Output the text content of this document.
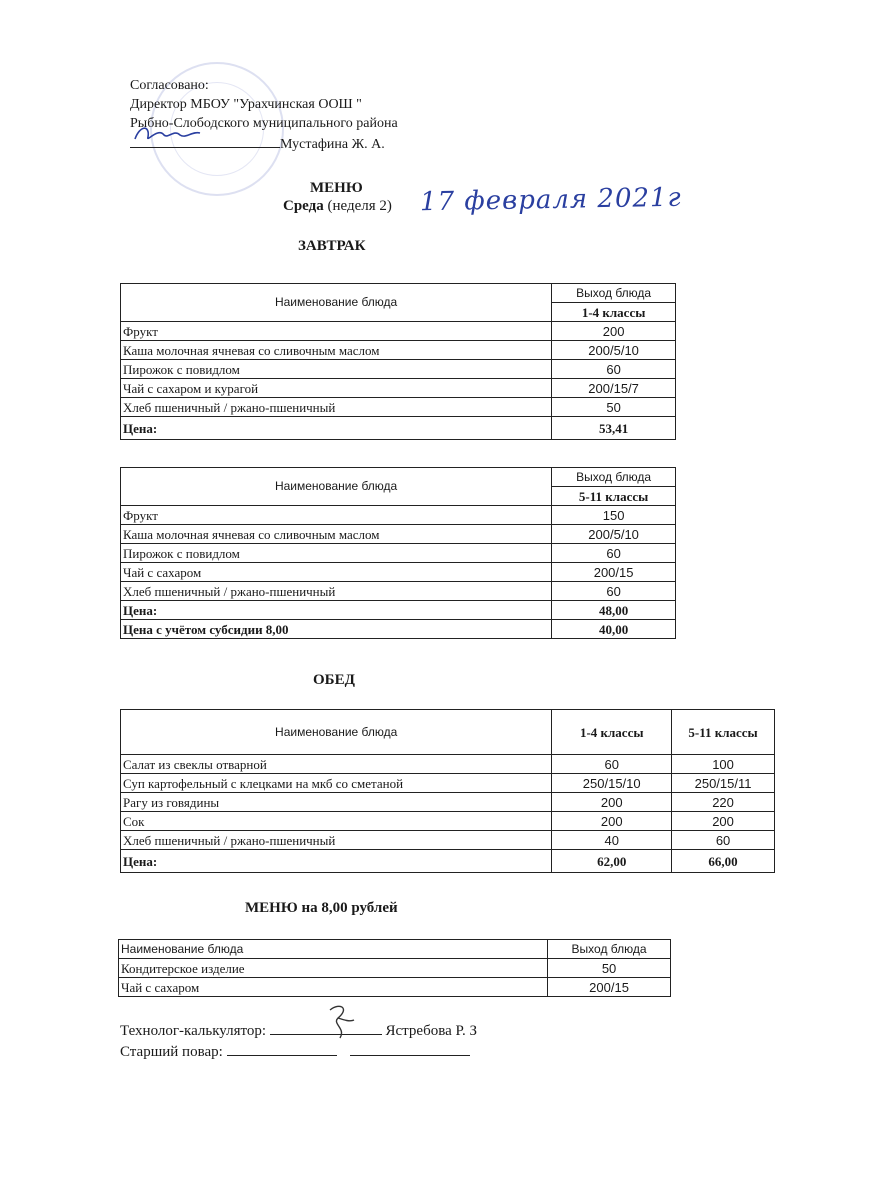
Согласовано:
Директор МБОУ "Урахчинская ООШ "
Рыбно-Слободского муниципального района
Мустафина Ж. А.
МЕНЮ
Среда (неделя 2) 17 февраля 2021г
ЗАВТРАК
Наименование блюда	Выход блюда
	1-4 классы
Фрукт	200
Каша молочная ячневая со сливочным маслом	200/5/10
Пирожок с повидлом	60
Чай с сахаром и курагой	200/15/7
Хлеб пшеничный / ржано-пшеничный	50
Цена:	53,41
Наименование блюда	Выход блюда
	5-11 классы
Фрукт	150
Каша молочная ячневая со сливочным маслом	200/5/10
Пирожок с повидлом	60
Чай с сахаром	200/15
Хлеб пшеничный / ржано-пшеничный	60
Цена:	48,00
Цена с учётом субсидии 8,00	40,00
ОБЕД
Наименование блюда	1-4 классы	5-11 классы
Салат из свеклы отварной	60	100
Суп картофельный с клецками на мкб со сметаной	250/15/10	250/15/11
Рагу из говядины	200	220
Сок	200	200
Хлеб пшеничный / ржано-пшеничный	40	60
Цена:	62,00	66,00
МЕНЮ на 8,00 рублей
Наименование блюда	Выход блюда
Кондитерское изделие	50
Чай с сахаром	200/15
Технолог-калькулятор:	Ястребова Р. З
Старший повар:
